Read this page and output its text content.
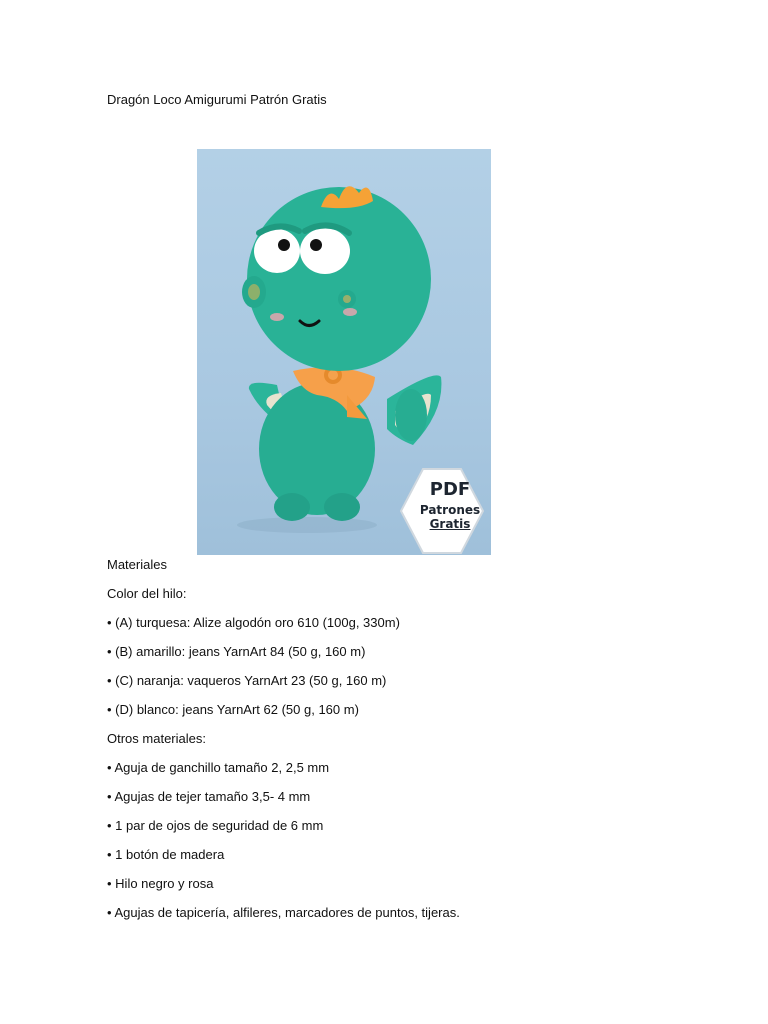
Dragón Loco Amigurumi Patrón Gratis
PDF
Patrones
Gratis
Materiales
Color del hilo:
• (A) turquesa: Alize algodón oro 610 (100g, 330m)
• (B) amarillo: jeans YarnArt 84 (50 g, 160 m)
• (C) naranja: vaqueros YarnArt 23 (50 g, 160 m)
• (D) blanco: jeans YarnArt 62 (50 g, 160 m)
Otros materiales:
• Aguja de ganchillo tamaño 2, 2,5 mm
• Agujas de tejer tamaño 3,5- 4 mm
• 1 par de ojos de seguridad de 6 mm
• 1 botón de madera
• Hilo negro y rosa
• Agujas de tapicería, alfileres, marcadores de puntos, tijeras.
